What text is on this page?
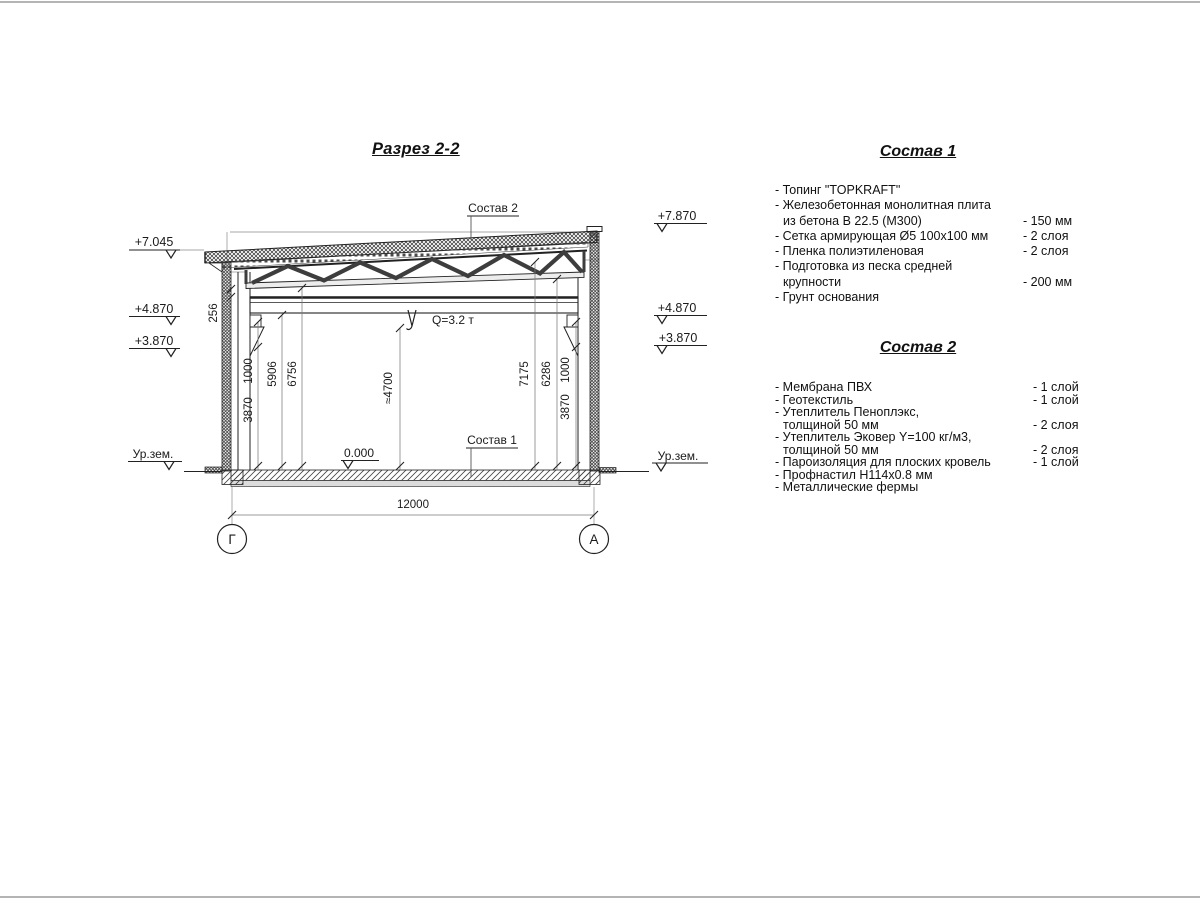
Разрез 2-2
1000
3870
5906 6756	≈4700	7175 6286 1000
3870
256
12000
+7.045
+4.870
+3.870
Ур.зем.
+7.870
+4.870
+3.870
Ур.зем.
0.000
Состав 2
Состав 1
Q=3.2 т
Г	А
Состав 1
- Топинг "TOPKRAFT"
- Железобетонная монолитная плита
из бетона В 22.5 (М300)	- 150 мм
- Сетка армирующая Ø5 100x100 мм	- 2 слоя
- Пленка полиэтиленовая	- 2 слоя
- Подготовка из песка средней
крупности	- 200 мм
- Грунт основания
Состав 2
- Мембрана ПВХ	- 1 слой
- Геотекстиль	- 1 слой
- Утеплитель Пеноплэкс,
толщиной 50 мм	- 2 слоя
- Утеплитель Эковер Y=100 кг/м3,
толщиной 50 мм	- 2 слоя
- Пароизоляция для плоских кровель	- 1 слой
- Профнастил Н114x0.8 мм
- Металлические фермы
